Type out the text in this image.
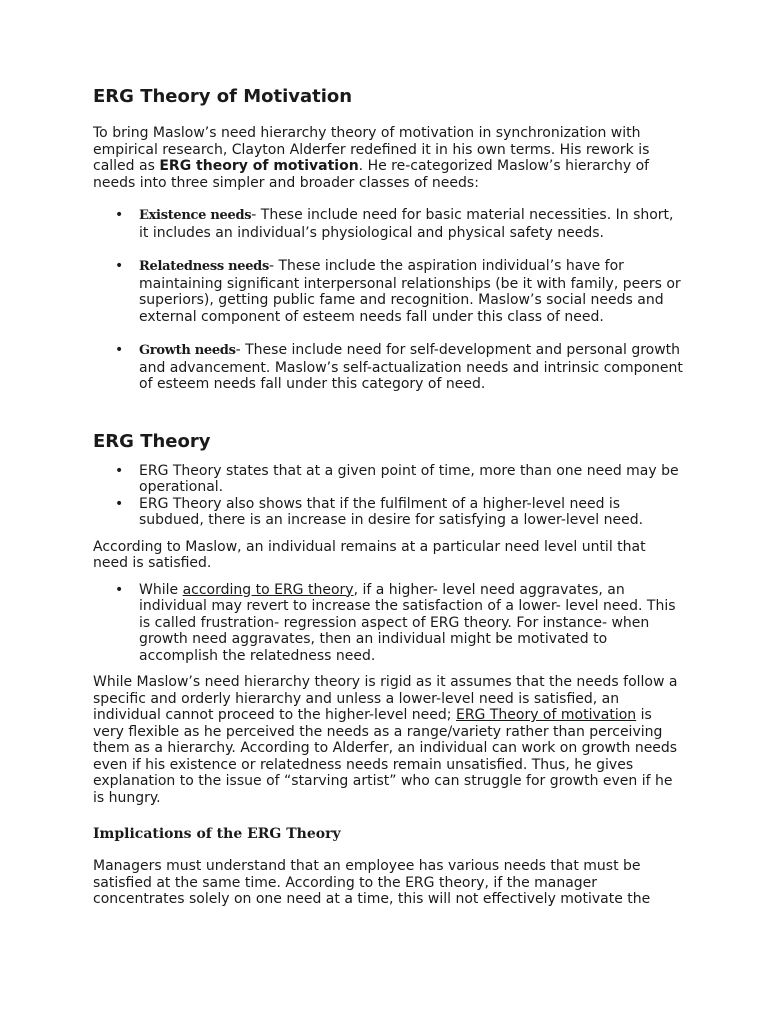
ERG Theory of Motivation

To bring Maslow’s need hierarchy theory of motivation in synchronization with empirical research, Clayton Alderfer redefined it in his own terms. His rework is called as ERG theory of motivation. He re-categorized Maslow’s hierarchy of needs into three simpler and broader classes of needs:

• Existence needs- These include need for basic material necessities. In short, it includes an individual’s physiological and physical safety needs.
• Relatedness needs- These include the aspiration individual’s have for maintaining significant interpersonal relationships (be it with family, peers or superiors), getting public fame and recognition. Maslow’s social needs and external component of esteem needs fall under this class of need.
• Growth needs- These include need for self-development and personal growth and advancement. Maslow’s self-actualization needs and intrinsic component of esteem needs fall under this category of need.
ERG Theory
• ERG Theory states that at a given point of time, more than one need may be operational.
• ERG Theory also shows that if the fulfilment of a higher-level need is subdued, there is an increase in desire for satisfying a lower-level need.

According to Maslow, an individual remains at a particular need level until that need is satisfied.

• While according to ERG theory, if a higher- level need aggravates, an individual may revert to increase the satisfaction of a lower- level need. This is called frustration- regression aspect of ERG theory. For instance- when growth need aggravates, then an individual might be motivated to accomplish the relatedness need.

While Maslow’s need hierarchy theory is rigid as it assumes that the needs follow a specific and orderly hierarchy and unless a lower-level need is satisfied, an individual cannot proceed to the higher-level need; ERG Theory of motivation is very flexible as he perceived the needs as a range/variety rather than perceiving them as a hierarchy. According to Alderfer, an individual can work on growth needs even if his existence or relatedness needs remain unsatisfied. Thus, he gives explanation to the issue of “starving artist” who can struggle for growth even if he is hungry.

Implications of the ERG Theory

Managers must understand that an employee has various needs that must be satisfied at the same time. According to the ERG theory, if the manager concentrates solely on one need at a time, this will not effectively motivate the
